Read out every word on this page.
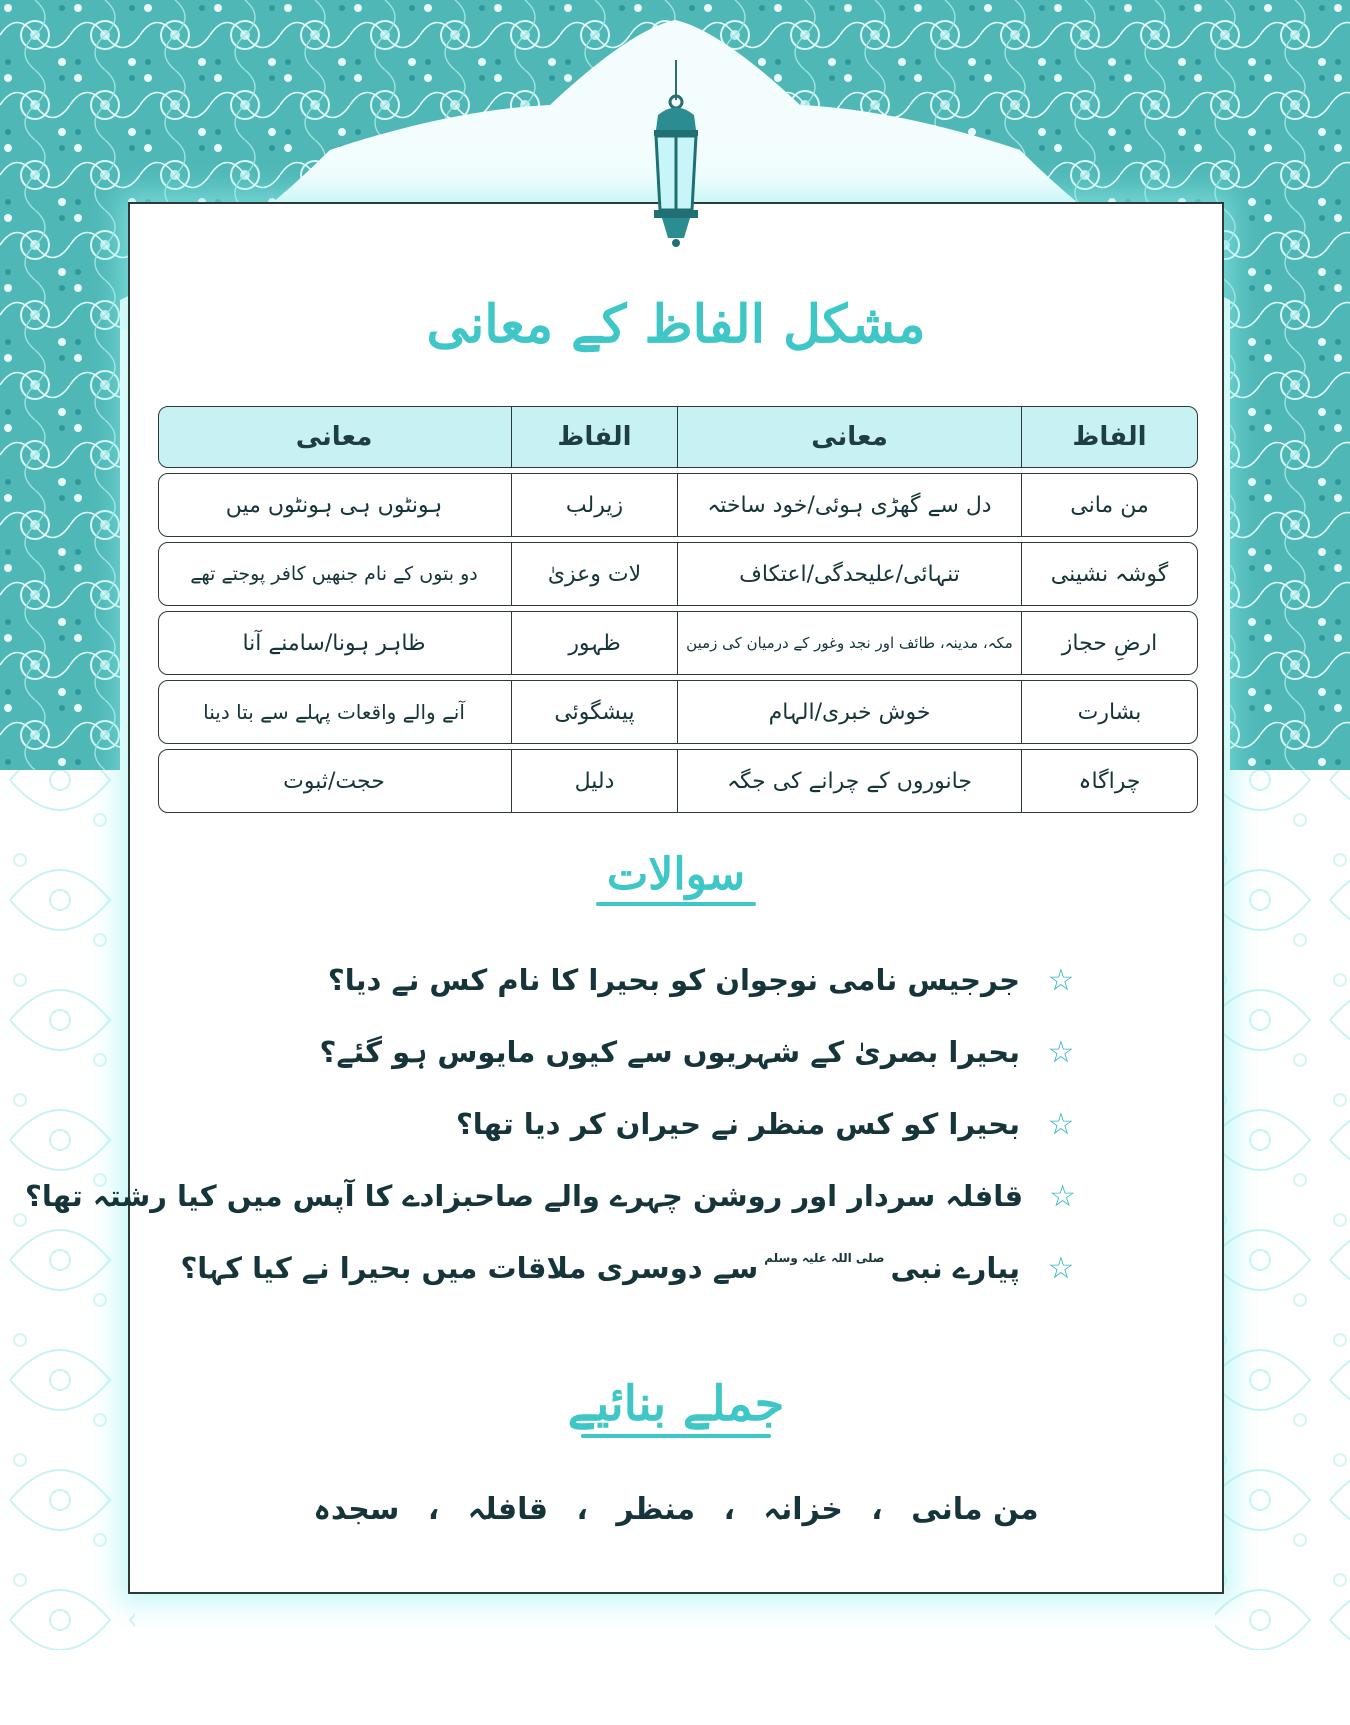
مشکل الفاظ کے معانی
الفاظ
معانی
الفاظ
معانی
من مانی
دل سے گھڑی ہوئی/خود ساختہ
زیرلب
ہونٹوں ہی ہونٹوں میں
گوشہ نشینی
تنہائی/علیحدگی/اعتکاف
لات وعزیٰ
دو بتوں کے نام جنھیں کافر پوجتے تھے
ارضِ حجاز
مکہ، مدینہ، طائف اور نجد وغور کے درمیان کی زمین
ظہور
ظاہر ہونا/سامنے آنا
بشارت
خوش خبری/الہام
پیشگوئی
آنے والے واقعات پہلے سے بتا دینا
چراگاہ
جانوروں کے چرانے کی جگہ
دلیل
حجت/ثبوت
سوالات
☆
جرجیس نامی نوجوان کو بحیرا کا نام کس نے دیا؟
☆
بحیرا بصریٰ کے شہریوں سے کیوں مایوس ہو گئے؟
☆
بحیرا کو کس منظر نے حیران کر دیا تھا؟
☆
قافلہ سردار اور روشن چہرے والے صاحبزادے کا آپس میں کیا رشتہ تھا؟
☆
پیارے نبی
صلی اللہ علیہ وسلم
سے دوسری ملاقات میں بحیرا نے کیا کہا؟
جملے بنائیے

من مانی ، خزانہ ، منظر ، قافلہ ، سجدہ
